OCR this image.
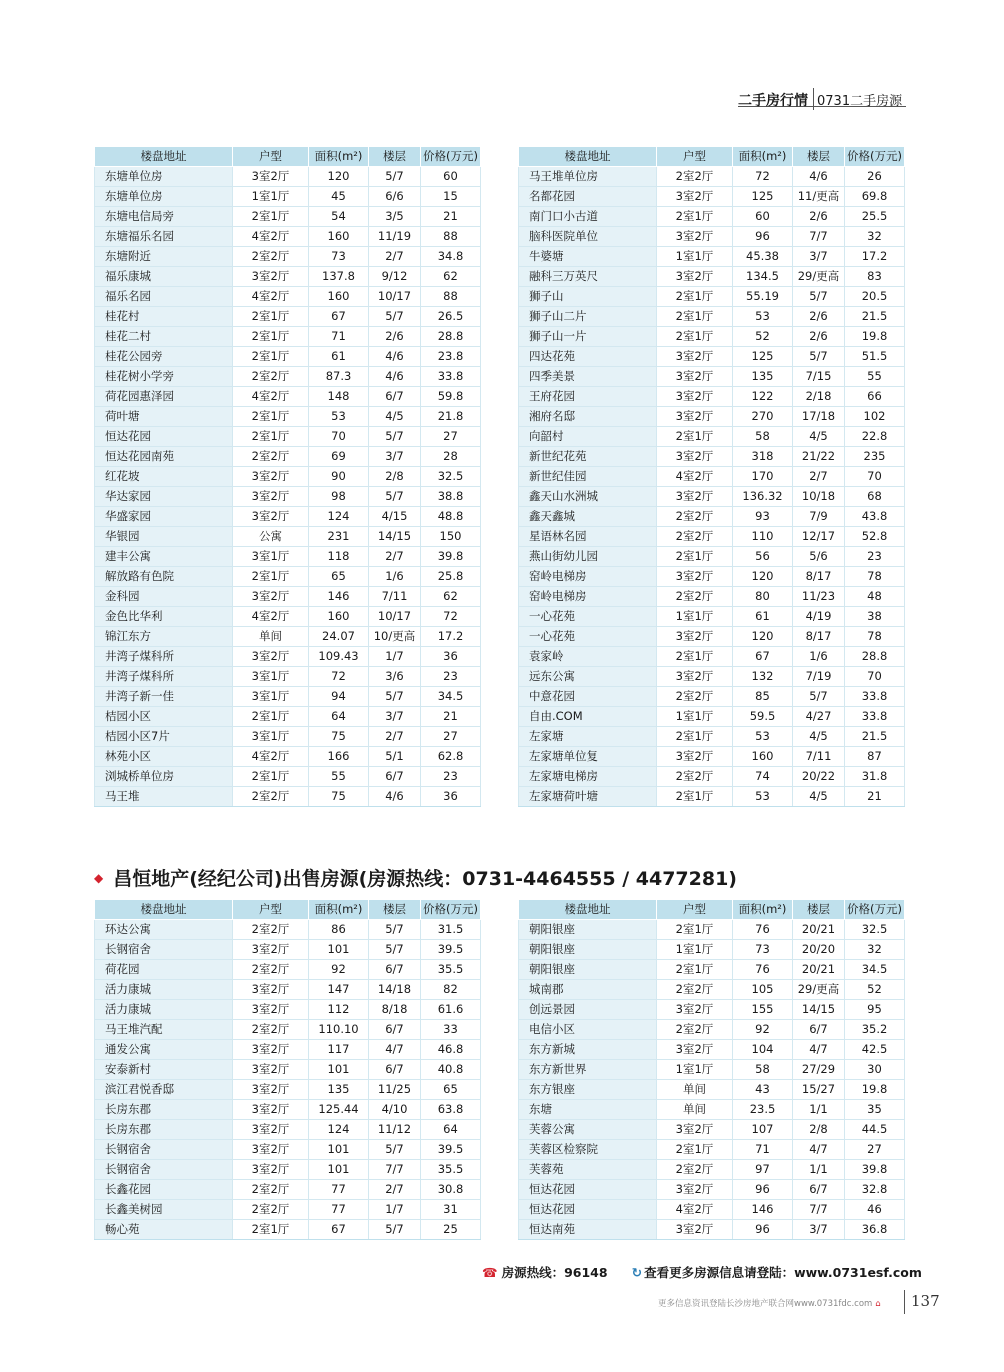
二手房行情 0731二手房源
楼盘地址	户型	面积(m²)	楼层	价格(万元)
东塘单位房	3室2厅	120	5/7	60
东塘单位房	1室1厅	45	6/6	15
东塘电信局旁	2室1厅	54	3/5	21
东塘福乐名园	4室2厅	160	11/19	88
东塘附近	2室2厅	73	2/7	34.8
福乐康城	3室2厅	137.8	9/12	62
福乐名园	4室2厅	160	10/17	88
桂花村	2室1厅	67	5/7	26.5
桂花二村	2室1厅	71	2/6	28.8
桂花公园旁	2室1厅	61	4/6	23.8
桂花树小学旁	2室2厅	87.3	4/6	33.8
荷花园惠泽园	4室2厅	148	6/7	59.8
荷叶塘	2室1厅	53	4/5	21.8
恒达花园	2室1厅	70	5/7	27
恒达花园南苑	2室2厅	69	3/7	28
红花坡	3室2厅	90	2/8	32.5
华达家园	3室2厅	98	5/7	38.8
华盛家园	3室2厅	124	4/15	48.8
华银园	公寓	231	14/15	150
建丰公寓	3室1厅	118	2/7	39.8
解放路有色院	2室1厅	65	1/6	25.8
金科园	3室2厅	146	7/11	62
金色比华利	4室2厅	160	10/17	72
锦江东方	单间	24.07	10/更高	17.2
井湾子煤科所	3室2厅	109.43	1/7	36
井湾子煤科所	3室1厅	72	3/6	23
井湾子新一佳	3室1厅	94	5/7	34.5
桔园小区	2室1厅	64	3/7	21
桔园小区7片	3室1厅	75	2/7	27
林苑小区	4室2厅	166	5/1	62.8
浏城桥单位房	2室1厅	55	6/7	23
马王堆	2室2厅	75	4/6	36
楼盘地址	户型	面积(m²)	楼层	价格(万元)
马王堆单位房	2室2厅	72	4/6	26
名都花园	3室2厅	125	11/更高	69.8
南门口小古道	2室1厅	60	2/6	25.5
脑科医院单位	3室2厅	96	7/7	32
牛婆塘	1室1厅	45.38	3/7	17.2
融科三万英尺	3室2厅	134.5	29/更高	83
狮子山	2室1厅	55.19	5/7	20.5
狮子山二片	2室1厅	53	2/6	21.5
狮子山一片	2室1厅	52	2/6	19.8
四达花苑	3室2厅	125	5/7	51.5
四季美景	3室2厅	135	7/15	55
王府花园	3室2厅	122	2/18	66
湘府名邸	3室2厅	270	17/18	102
向韶村	2室1厅	58	4/5	22.8
新世纪花苑	3室2厅	318	21/22	235
新世纪佳园	4室2厅	170	2/7	70
鑫天山水洲城	3室2厅	136.32	10/18	68
鑫天鑫城	2室2厅	93	7/9	43.8
星语林名园	2室2厅	110	12/17	52.8
燕山街幼儿园	2室1厅	56	5/6	23
窑岭电梯房	3室2厅	120	8/17	78
窑岭电梯房	2室2厅	80	11/23	48
一心花苑	1室1厅	61	4/19	38
一心花苑	3室2厅	120	8/17	78
袁家岭	2室1厅	67	1/6	28.8
远东公寓	3室2厅	132	7/19	70
中意花园	2室2厅	85	5/7	33.8
自由.COM	1室1厅	59.5	4/27	33.8
左家塘	2室1厅	53	4/5	21.5
左家塘单位复	3室2厅	160	7/11	87
左家塘电梯房	2室2厅	74	20/22	31.8
左家塘荷叶塘	2室1厅	53	4/5	21
◆ 昌恒地产(经纪公司)出售房源(房源热线：0731-4464555 / 4477281)
楼盘地址	户型	面积(m²)	楼层	价格(万元)
环达公寓	2室2厅	86	5/7	31.5
长钢宿舍	3室2厅	101	5/7	39.5
荷花园	2室2厅	92	6/7	35.5
活力康城	3室2厅	147	14/18	82
活力康城	3室2厅	112	8/18	61.6
马王堆汽配	2室2厅	110.10	6/7	33
通发公寓	3室2厅	117	4/7	46.8
安泰新村	3室2厅	101	6/7	40.8
滨江君悦香邸	3室2厅	135	11/25	65
长房东郡	3室2厅	125.44	4/10	63.8
长房东郡	3室2厅	124	11/12	64
长钢宿舍	3室2厅	101	5/7	39.5
长钢宿舍	3室2厅	101	7/7	35.5
长鑫花园	2室2厅	77	2/7	30.8
长鑫美树园	2室2厅	77	1/7	31
畅心苑	2室1厅	67	5/7	25
楼盘地址	户型	面积(m²)	楼层	价格(万元)
朝阳银座	2室1厅	76	20/21	32.5
朝阳银座	1室1厅	73	20/20	32
朝阳银座	2室1厅	76	20/21	34.5
城南郡	2室2厅	105	29/更高	52
创远景园	3室2厅	155	14/15	95
电信小区	2室2厅	92	6/7	35.2
东方新城	3室2厅	104	4/7	42.5
东方新世界	1室1厅	58	27/29	30
东方银座	单间	43	15/27	19.8
东塘	单间	23.5	1/1	35
芙蓉公寓	3室2厅	107	2/8	44.5
芙蓉区检察院	2室1厅	71	4/7	27
芙蓉苑	2室2厅	97	1/1	39.8
恒达花园	3室2厅	96	6/7	32.8
恒达花园	4室2厅	146	7/7	46
恒达南苑	3室2厅	96	3/7	36.8
☎ 房源热线：96148 ↻ 查看更多房源信息请登陆：www.0731esf.com
更多信息资讯登陆长沙房地产联合网www.0731fdc.com ⌂ 137
